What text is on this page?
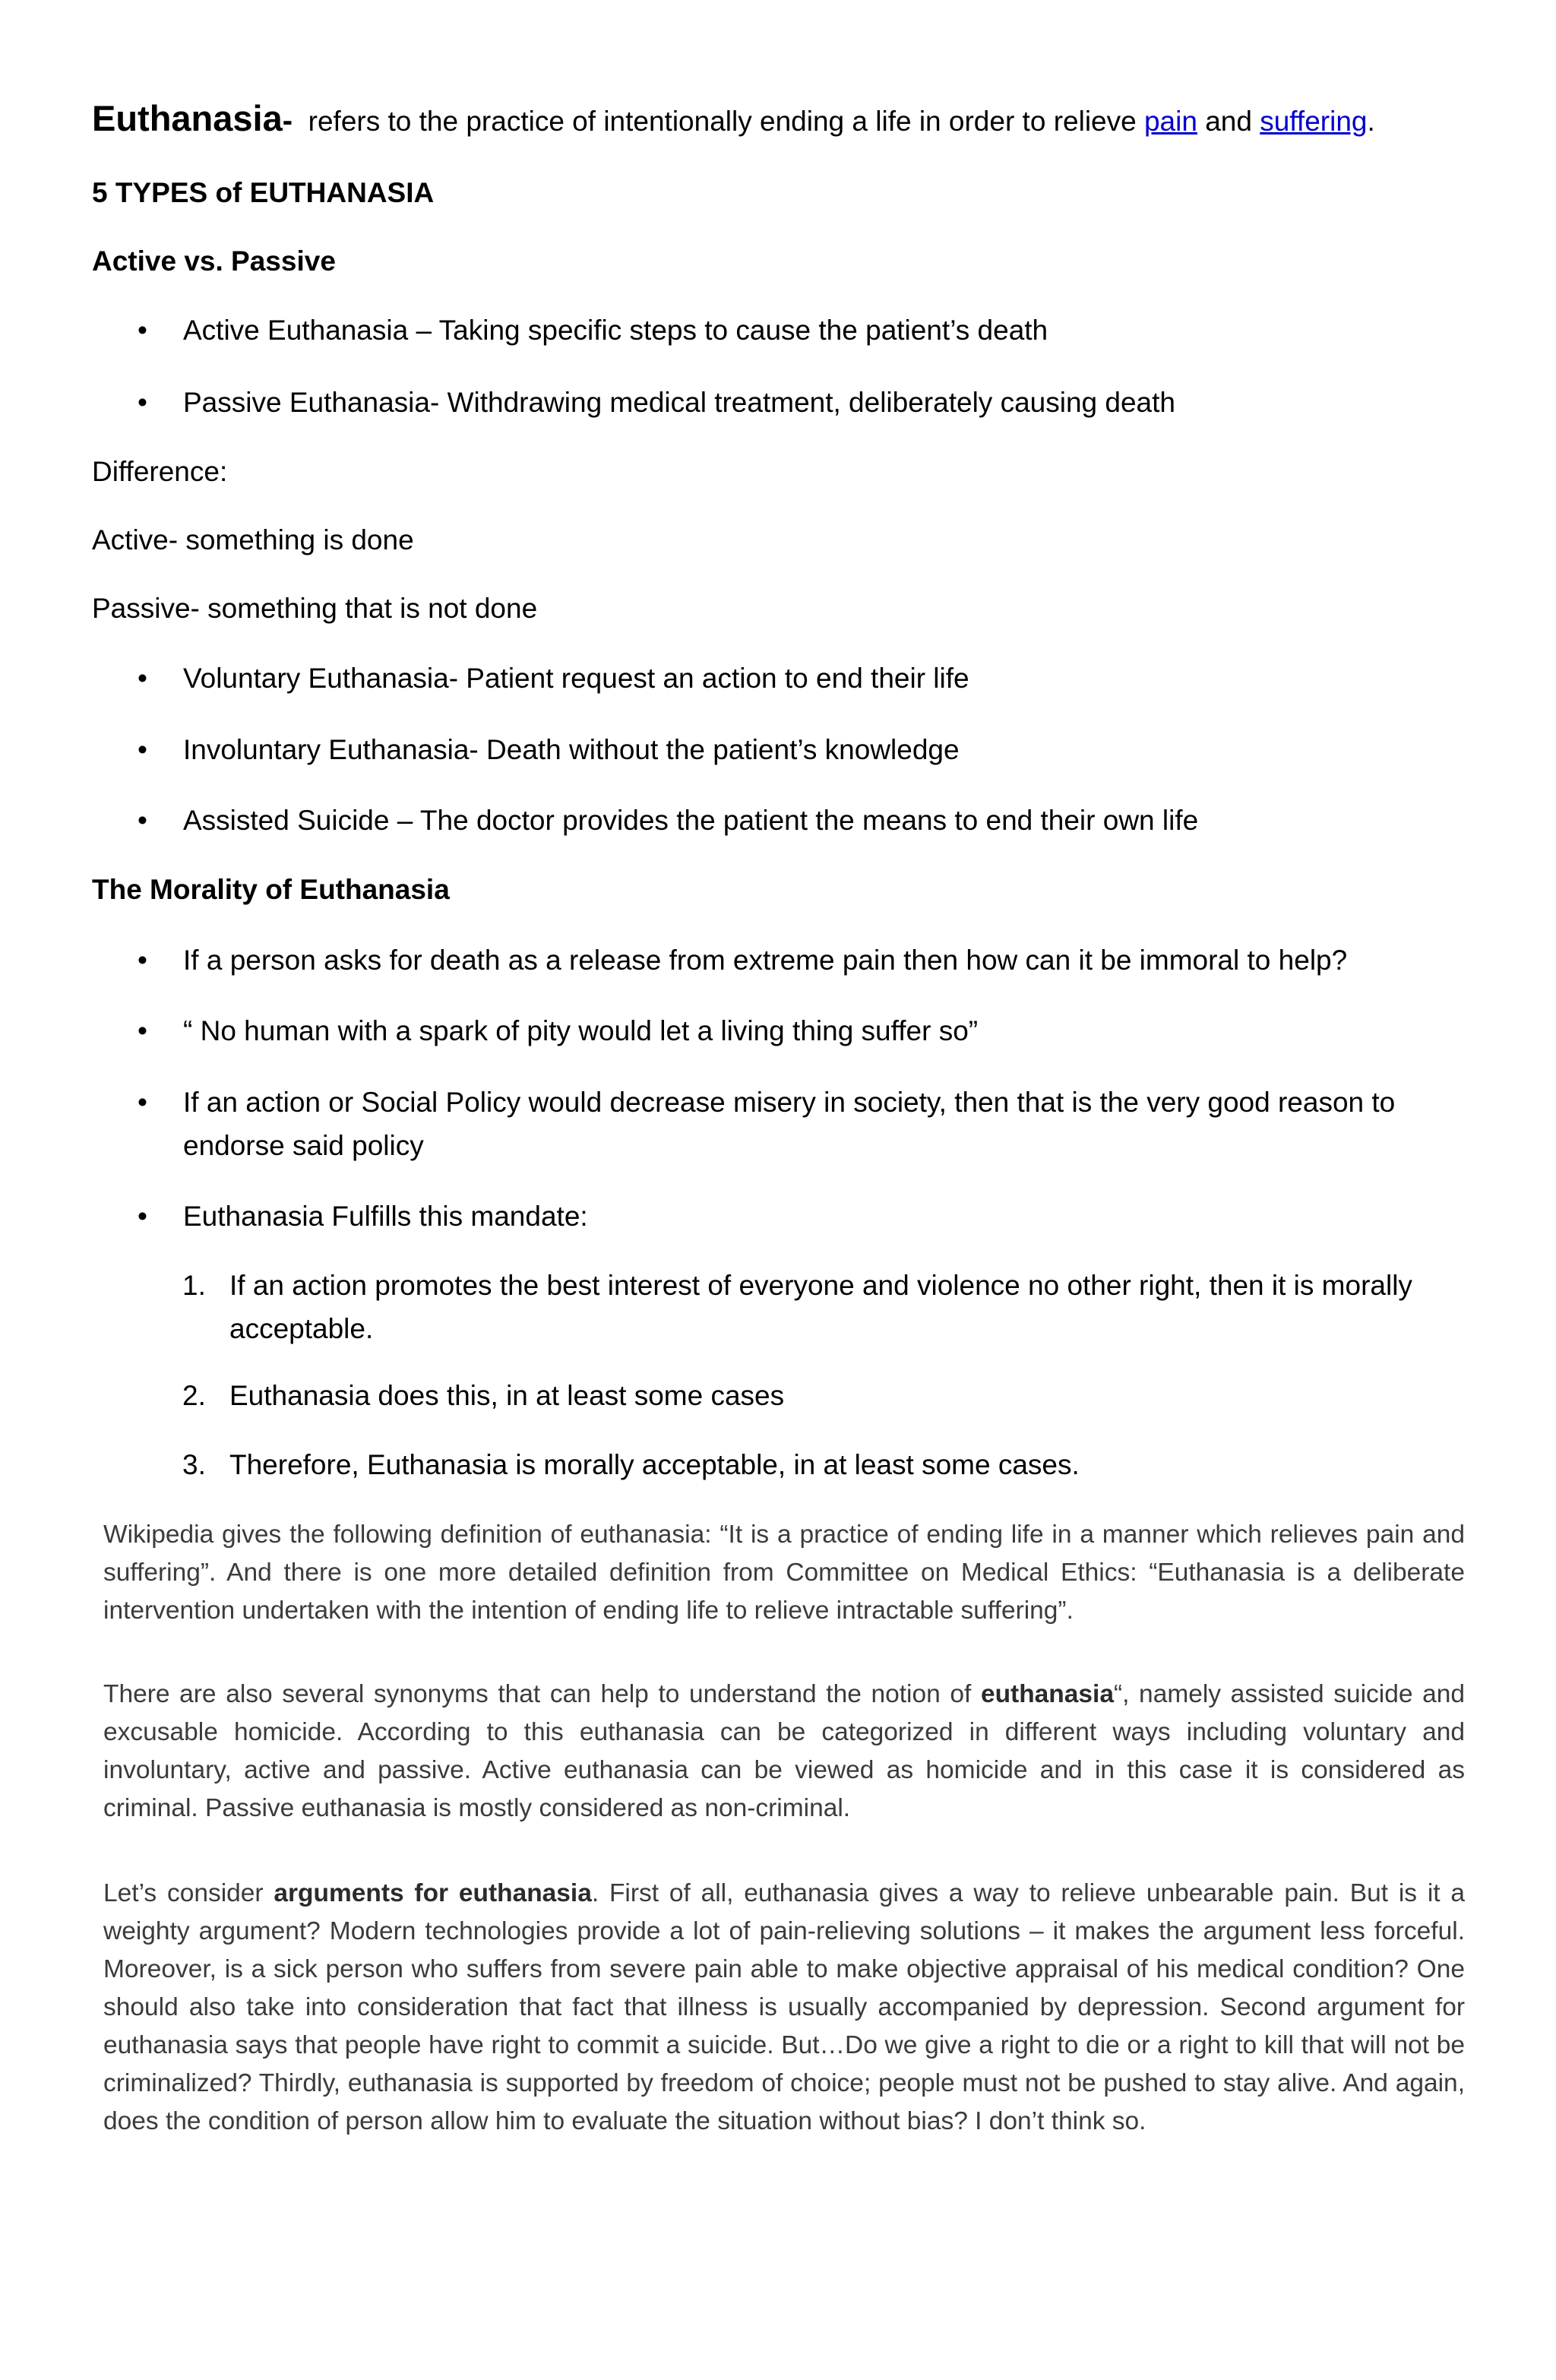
Euthanasia-  refers to the practice of intentionally ending a life in order to relieve pain and suffering.
5 TYPES of EUTHANASIA
Active vs. Passive
• Active Euthanasia – Taking specific steps to cause the patient’s death
• Passive Euthanasia- Withdrawing medical treatment, deliberately causing death
Difference:
Active- something is done
Passive- something that is not done
• Voluntary Euthanasia- Patient request an action to end their life
• Involuntary Euthanasia- Death without the patient’s knowledge
• Assisted Suicide – The doctor provides the patient the means to end their own life
The Morality of Euthanasia
• If a person asks for death as a release from extreme pain then how can it be immoral to help?
• “ No human with a spark of pity would let a living thing suffer so”
• If an action or Social Policy would decrease misery in society, then that is the very good reason to endorse said policy
• Euthanasia Fulfills this mandate:
1. If an action promotes the best interest of everyone and violence no other right, then it is morally acceptable.
2. Euthanasia does this, in at least some cases
3. Therefore, Euthanasia is morally acceptable, in at least some cases.
Wikipedia gives the following definition of euthanasia: “It is a practice of ending life in a manner which relieves pain and suffering”. And there is one more detailed definition from Committee on Medical Ethics: “Euthanasia is a deliberate intervention undertaken with the intention of ending life to relieve intractable suffering”.
There are also several synonyms that can help to understand the notion of euthanasia“, namely assisted suicide and excusable homicide. According to this euthanasia can be categorized in different ways including voluntary and involuntary, active and passive. Active euthanasia can be viewed as homicide and in this case it is considered as criminal. Passive euthanasia is mostly considered as non-criminal.
Let’s consider arguments for euthanasia. First of all, euthanasia gives a way to relieve unbearable pain. But is it a weighty argument? Modern technologies provide a lot of pain-relieving solutions – it makes the argument less forceful. Moreover, is a sick person who suffers from severe pain able to make objective appraisal of his medical condition? One should also take into consideration that fact that illness is usually accompanied by depression. Second argument for euthanasia says that people have right to commit a suicide. But…Do we give a right to die or a right to kill that will not be criminalized? Thirdly, euthanasia is supported by freedom of choice; people must not be pushed to stay alive. And again, does the condition of person allow him to evaluate the situation without bias? I don’t think so.
